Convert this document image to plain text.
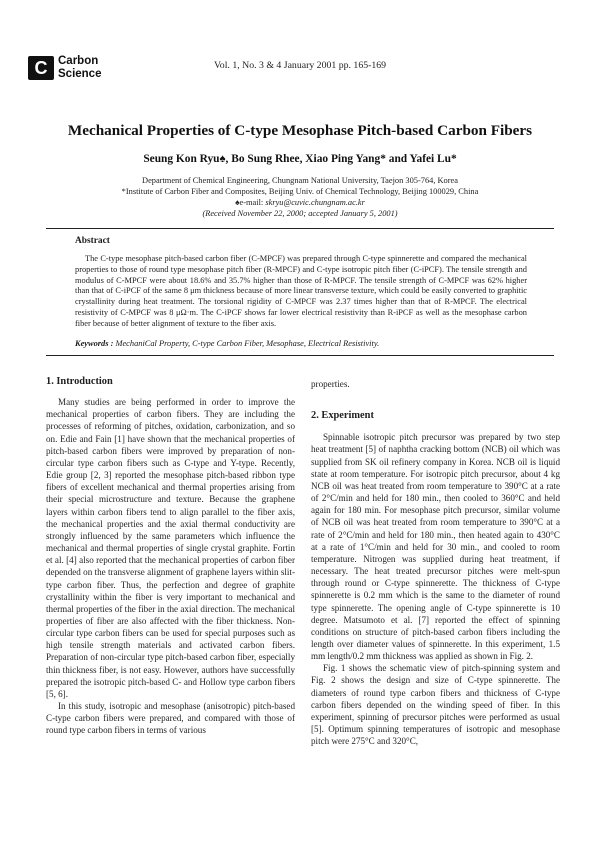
C Carbon
Science
Vol. 1, No. 3 & 4 January 2001 pp. 165-169
Mechanical Properties of C-type Mesophase Pitch-based Carbon Fibers
Seung Kon Ryu♠, Bo Sung Rhee, Xiao Ping Yang* and Yafei Lu*
Department of Chemical Engineering, Chungnam National University, Taejon 305-764, Korea
*Institute of Carbon Fiber and Composites, Beijing Univ. of Chemical Technology, Beijing 100029, China
♠e-mail: skryu@cuvic.chungnam.ac.kr
(Received November 22, 2000; accepted January 5, 2001)
Abstract
The C-type mesophase pitch-based carbon fiber (C-MPCF) was prepared through C-type spinnerette and compared the mechanical properties to those of round type mesophase pitch fiber (R-MPCF) and C-type isotropic pitch fiber (C-iPCF). The tensile strength and modulus of C-MPCF were about 18.6% and 35.7% higher than those of R-MPCF. The tensile strength of C-MPCF was 62% higher than that of C-iPCF of the same 8 μm thickness because of more linear transverse texture, which could be easily converted to graphitic crystallinity during heat treatment. The torsional rigidity of C-MPCF was 2.37 times higher than that of R-MPCF. The electrical resistivity of C-MPCF was 8 μΩ·m. The C-iPCF shows far lower electrical resistivity than R-iPCF as well as the mesophase carbon fiber because of better alignment of texture to the fiber axis.
Keywords : MechaniCal Property, C-type Carbon Fiber, Mesophase, Electrical Resistivity.
1. Introduction

Many studies are being performed in order to improve the mechanical properties of carbon fibers. They are including the processes of reforming of pitches, oxidation, carbonization, and so on. Edie and Fain [1] have shown that the mechanical properties of pitch-based carbon fibers were improved by preparation of non-circular type carbon fibers such as C-type and Y-type. Recently, Edie group [2, 3] reported the mesophase pitch-based ribbon type fibers of excellent mechanical and thermal properties arising from their special microstructure and texture. Because the graphene layers within carbon fibers tend to align parallel to the fiber axis, the mechanical properties and the axial thermal conductivity are strongly influenced by the same parameters which influence the mechanical and thermal properties of single crystal graphite. Fortin et al. [4] also reported that the mechanical properties of carbon fiber depended on the transverse alignment of graphene layers within slit-type carbon fiber. Thus, the perfection and degree of graphite crystallinity within the fiber is very important to mechanical and thermal properties of the fiber in the axial direction. The mechanical properties of fiber are also affected with the fiber thickness. Non-circular type carbon fibers can be used for special purposes such as high tensile strength materials and activated carbon fibers. Preparation of non-circular type pitch-based carbon fiber, especially thin thickness fiber, is not easy. However, authors have successfully prepared the isotropic pitch-based C- and Hollow type carbon fibers [5, 6].

In this study, isotropic and mesophase (anisotropic) pitch-based C-type carbon fibers were prepared, and compared with those of round type carbon fibers in terms of various

properties.

2. Experiment

Spinnable isotropic pitch precursor was prepared by two step heat treatment [5] of naphtha cracking bottom (NCB) oil which was supplied from SK oil refinery company in Korea. NCB oil is liquid state at room temperature. For isotropic pitch precursor, about 4 kg NCB oil was heat treated from room temperature to 390°C at a rate of 2°C/min and held for 180 min., then cooled to 360°C and held again for 180 min. For mesophase pitch precursor, similar volume of NCB oil was heat treated from room temperature to 390°C at a rate of 2°C/min and held for 180 min., then heated again to 430°C at a rate of 1°C/min and held for 30 min., and cooled to room temperature. Nitrogen was supplied during heat treatment, if necessary. The heat treated precursor pitches were melt-spun through round or C-type spinnerette. The thickness of C-type spinnerette is 0.2 mm which is the same to the diameter of round type spinnerette. The opening angle of C-type spinnerette is 10 degree. Matsumoto et al. [7] reported the effect of spinning conditions on structure of pitch-based carbon fibers including the length over diameter values of spinnerette. In this experiment, 1.5 mm length/0.2 mm thickness was applied as shown in Fig. 2.

Fig. 1 shows the schematic view of pitch-spinning system and Fig. 2 shows the design and size of C-type spinnerette. The diameters of round type carbon fibers and thickness of C-type carbon fibers depended on the winding speed of fiber. In this experiment, spinning of precursor pitches were performed as usual [5]. Optimum spinning temperatures of isotropic and mesophase pitch were 275°C and 320°C,
